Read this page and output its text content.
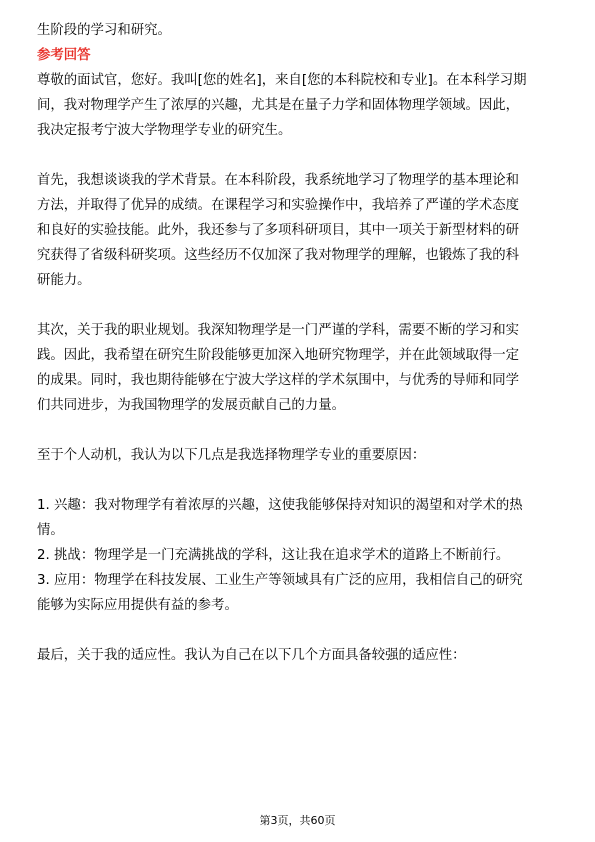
生阶段的学习和研究。
参考回答
尊敬的面试官，您好。我叫[您的姓名]，来自[您的本科院校和专业]。在本科学习期
间，我对物理学产生了浓厚的兴趣，尤其是在量子力学和固体物理学领域。因此，
我决定报考宁波大学物理学专业的研究生。
首先，我想谈谈我的学术背景。在本科阶段，我系统地学习了物理学的基本理论和
方法，并取得了优异的成绩。在课程学习和实验操作中，我培养了严谨的学术态度
和良好的实验技能。此外，我还参与了多项科研项目，其中一项关于新型材料的研
究获得了省级科研奖项。这些经历不仅加深了我对物理学的理解，也锻炼了我的科
研能力。
其次，关于我的职业规划。我深知物理学是一门严谨的学科，需要不断的学习和实
践。因此，我希望在研究生阶段能够更加深入地研究物理学，并在此领域取得一定
的成果。同时，我也期待能够在宁波大学这样的学术氛围中，与优秀的导师和同学
们共同进步，为我国物理学的发展贡献自己的力量。
至于个人动机，我认为以下几点是我选择物理学专业的重要原因：
1. 兴趣：我对物理学有着浓厚的兴趣，这使我能够保持对知识的渴望和对学术的热
情。
2. 挑战：物理学是一门充满挑战的学科，这让我在追求学术的道路上不断前行。
3. 应用：物理学在科技发展、工业生产等领域具有广泛的应用，我相信自己的研究
能够为实际应用提供有益的参考。
最后，关于我的适应性。我认为自己在以下几个方面具备较强的适应性：
第3页，共60页
